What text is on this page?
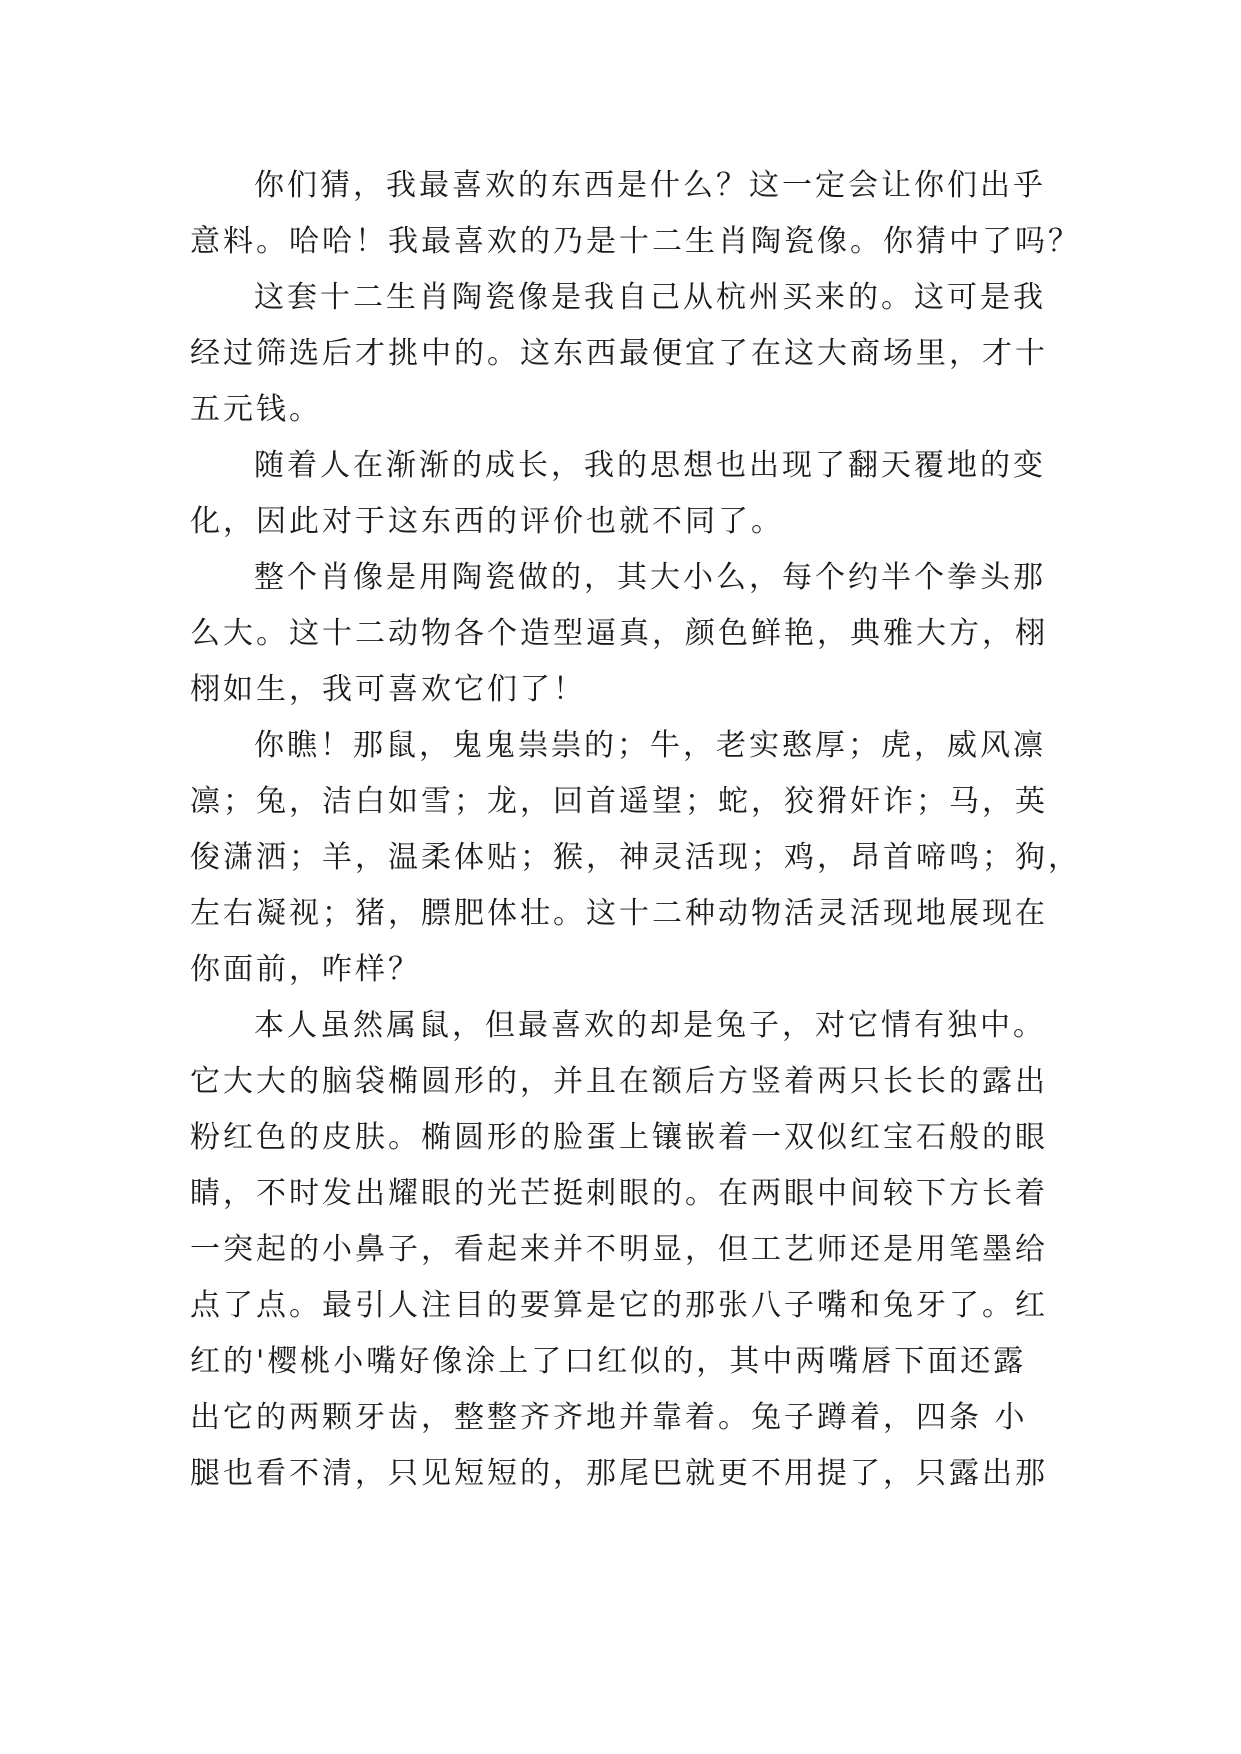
你们猜，我最喜欢的东西是什么？这一定会让你们出乎
意料。哈哈！我最喜欢的乃是十二生肖陶瓷像。你猜中了吗？

这套十二生肖陶瓷像是我自己从杭州买来的。这可是我
经过筛选后才挑中的。这东西最便宜了在这大商场里，才十
五元钱。

随着人在渐渐的成长，我的思想也出现了翻天覆地的变
化，因此对于这东西的评价也就不同了。

整个肖像是用陶瓷做的，其大小么，每个约半个拳头那
么大。这十二动物各个造型逼真，颜色鲜艳，典雅大方，栩
栩如生，我可喜欢它们了！

你瞧！那鼠，鬼鬼祟祟的；牛，老实憨厚；虎，威风凛
凛；兔，洁白如雪；龙，回首遥望；蛇，狡猾奸诈；马，英
俊潇洒；羊，温柔体贴；猴，神灵活现；鸡，昂首啼鸣；狗，
左右凝视；猪，膘肥体壮。这十二种动物活灵活现地展现在
你面前，咋样？

本人虽然属鼠，但最喜欢的却是兔子，对它情有独中。
它大大的脑袋椭圆形的，并且在额后方竖着两只长长的露出
粉红色的皮肤。椭圆形的脸蛋上镶嵌着一双似红宝石般的眼
睛，不时发出耀眼的光芒挺刺眼的。在两眼中间较下方长着
一突起的小鼻子，看起来并不明显，但工艺师还是用笔墨给
点了点。最引人注目的要算是它的那张八子嘴和兔牙了。红
红的'樱桃小嘴好像涂上了口红似的，其中两嘴唇下面还露
出它的两颗牙齿，整整齐齐地并靠着。兔子蹲着，四条 小
腿也看不清，只见短短的，那尾巴就更不用提了，只露出那
